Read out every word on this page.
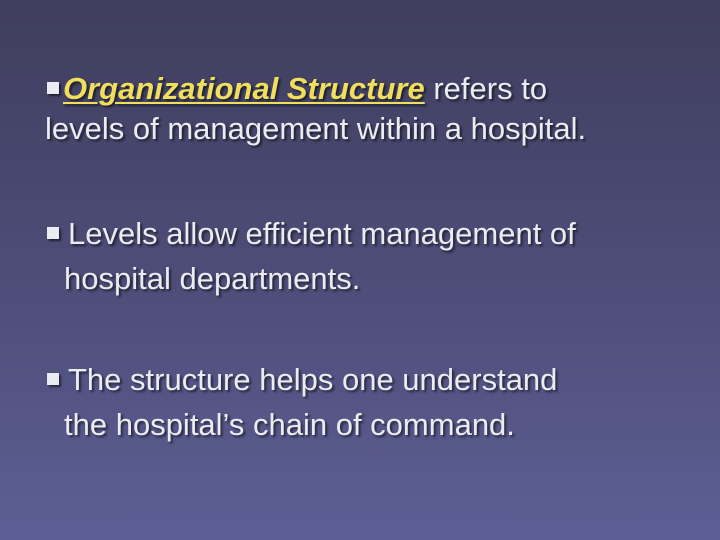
Organizational Structure refers to
levels of management within a hospital.
Levels allow efficient management of
hospital departments.
The structure helps one understand
the hospital’s chain of command.
